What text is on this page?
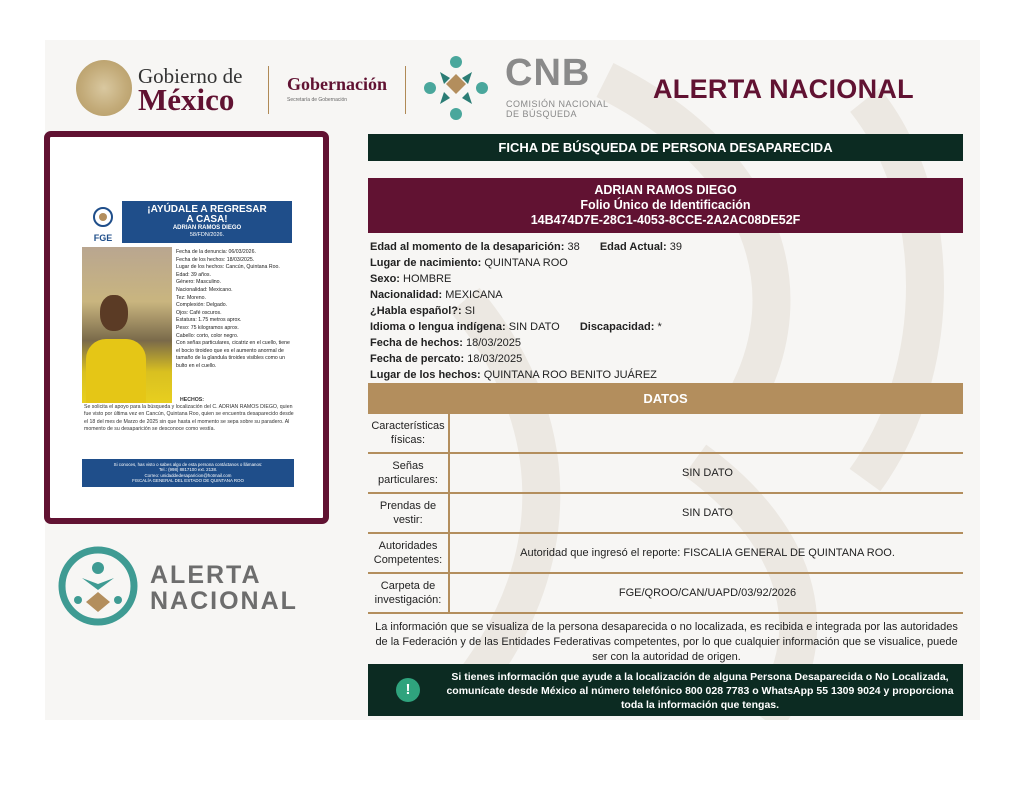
Gobierno de
México	Gobernación
Secretaría de Gobernación
CNB
COMISIÓN NACIONAL
DE BÚSQUEDA
ALERTA NACIONAL
FGE
¡AYÚDALE A REGRESAR
A CASA!
ADRIAN RAMOS DIEGO
58/FDN/2026.
Fecha de la denuncia: 06/03/2026.
Fecha de los hechos: 18/03/2025.
Lugar de los hechos: Cancún, Quintana Roo.
Edad: 39 años.
Género: Masculino.
Nacionalidad: Mexicano.
Tez: Moreno.
Complexión: Delgado.
Ojos: Café oscuros.
Estatura: 1.75 metros aprox.
Peso: 75 kilogramos aprox.
Cabello: corto, color negro.
Con señas particulares, cicatriz en el cuello, tiene el bocio tiroideo que es el aumento anormal de tamaño de la glandula tiroides visibles como un bulto en el cuello.
HECHOS:
Se solicita el apoyo para la búsqueda y localización del C. ADRIAN RAMOS DIEGO, quien fue visto por última vez en Cancún, Quintana Roo, quien se encuentra desaparecido desde el 18 del mes de Marzo de 2025 sin que hasta el momento se sepa sobre su paradero. Al momento de su desaparición se desconoce como vestía.
Si conoces, has visto o sabes algo de esta persona contáctanos o llámanos:
Tel.: (998) 8817100 ext. 2138.
Correo: unidaddedesaparicion@hotmail.com
FISCALÍA GENERAL DEL ESTADO DE QUINTANA ROO
ALERTA
NACIONAL
FICHA DE BÚSQUEDA DE PERSONA DESAPARECIDA
ADRIAN RAMOS DIEGO
Folio Único de Identificación
14B474D7E-28C1-4053-8CCE-2A2AC08DE52F
Edad al momento de la desaparición: 38 Edad Actual: 39
Lugar de nacimiento: QUINTANA ROO
Sexo: HOMBRE
Nacionalidad: MEXICANA
¿Habla español?: SI
Idioma o lengua indígena: SIN DATO Discapacidad: *
Fecha de hechos: 18/03/2025
Fecha de percato: 18/03/2025
Lugar de los hechos: QUINTANA ROO BENITO JUÁREZ
DATOS
Características
físicas:
Señas
particulares:
SIN DATO
Prendas de
vestir:
SIN DATO
Autoridades
Competentes:
Autoridad que ingresó el reporte: FISCALIA GENERAL DE QUINTANA ROO.
Carpeta de
investigación:
FGE/QROO/CAN/UAPD/03/92/2026
La información que se visualiza de la persona desaparecida o no localizada, es recibida e integrada por las autoridades de la Federación y de las Entidades Federativas competentes, por lo que cualquier información que se visualice, puede ser con la autoridad de origen.
!
Si tienes información que ayude a la localización de alguna Persona Desaparecida o No Localizada, comunícate desde México al número telefónico 800 028 7783 o WhatsApp 55 1309 9024 y proporciona toda la información que tengas.
